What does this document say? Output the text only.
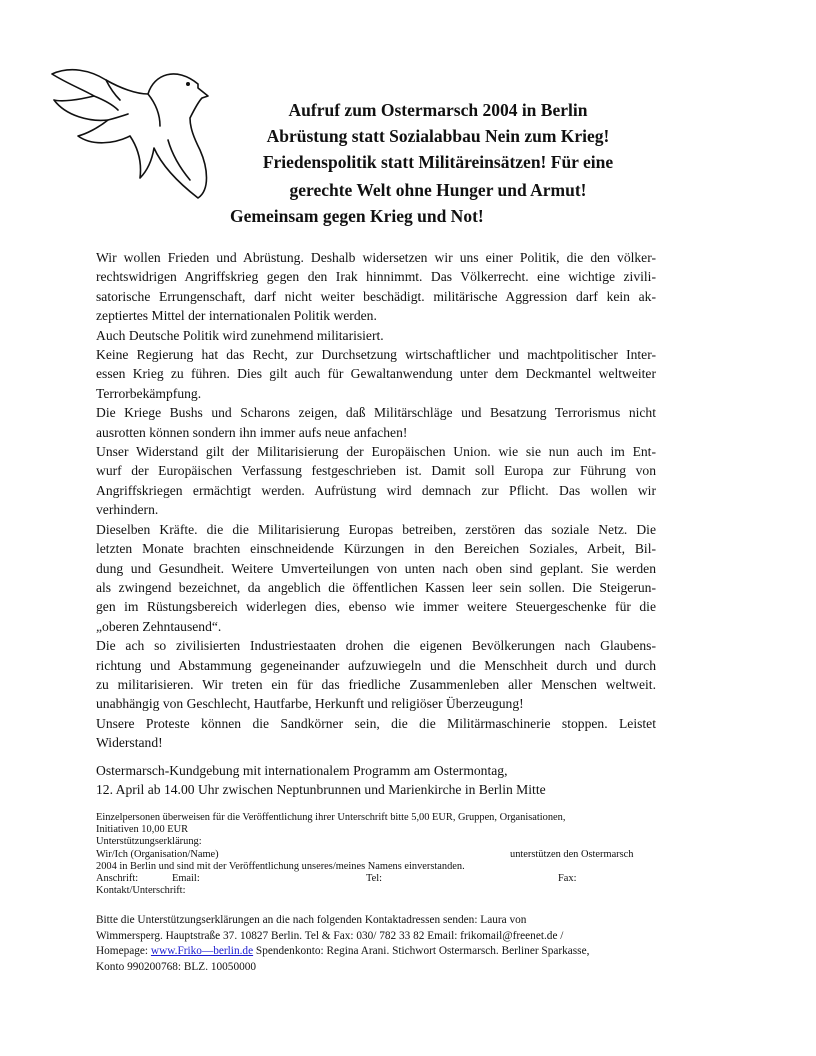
Aufruf zum Ostermarsch 2004 in Berlin
Abrüstung statt Sozialabbau Nein zum Krieg!
Friedenspolitik statt Militäreinsätzen! Für eine
gerechte Welt ohne Hunger und Armut!
Gemeinsam gegen Krieg und Not!

Wir wollen Frieden und Abrüstung. Deshalb widersetzen wir uns einer Politik, die den völker-

rechtswidrigen Angriffskrieg gegen den Irak hinnimmt. Das Völkerrecht. eine wichtige zivili-

satorische Errungenschaft, darf nicht weiter beschädigt. militärische Aggression darf kein ak-

zeptiertes Mittel der internationalen Politik werden.

Auch Deutsche Politik wird zunehmend militarisiert.

Keine Regierung hat das Recht, zur Durchsetzung wirtschaftlicher und machtpolitischer Inter-

essen Krieg zu führen. Dies gilt auch für Gewaltanwendung unter dem Deckmantel weltweiter

Terrorbekämpfung.

Die Kriege Bushs und Scharons zeigen, daß Militärschläge und Besatzung Terrorismus nicht

ausrotten können sondern ihn immer aufs neue anfachen!

Unser Widerstand gilt der Militarisierung der Europäischen Union. wie sie nun auch im Ent-

wurf der Europäischen Verfassung festgeschrieben ist. Damit soll Europa zur Führung von

Angriffskriegen ermächtigt werden. Aufrüstung wird demnach zur Pflicht. Das wollen wir

verhindern.

Dieselben Kräfte. die die Militarisierung Europas betreiben, zerstören das soziale Netz. Die

letzten Monate brachten einschneidende Kürzungen in den Bereichen Soziales, Arbeit, Bil-

dung und Gesundheit. Weitere Umverteilungen von unten nach oben sind geplant. Sie werden

als zwingend bezeichnet, da angeblich die öffentlichen Kassen leer sein sollen. Die Steigerun-

gen im Rüstungsbereich widerlegen dies, ebenso wie immer weitere Steuergeschenke für die

„oberen Zehntausend“.

Die ach so zivilisierten Industriestaaten drohen die eigenen Bevölkerungen nach Glaubens-

richtung und Abstammung gegeneinander aufzuwiegeln und die Menschheit durch und durch

zu militarisieren. Wir treten ein für das friedliche Zusammenleben aller Menschen weltweit.

unabhängig von Geschlecht, Hautfarbe, Herkunft und religiöser Überzeugung!

Unsere Proteste können die Sandkörner sein, die die Militärmaschinerie stoppen. Leistet

Widerstand!

Ostermarsch-Kundgebung mit internationalem Programm am Ostermontag,

12. April ab 14.00 Uhr zwischen Neptunbrunnen und Marienkirche in Berlin Mitte

Einzelpersonen überweisen für die Veröffentlichung ihrer Unterschrift bitte 5,00 EUR, Gruppen, Organisationen,

Initiativen 10,00 EUR

Unterstützungserklärung:

Wir/Ich (Organisation/Name)	unterstützen den Ostermarsch

2004 in Berlin und sind mit der Veröffentlichung unseres/meines Namens einverstanden.

Anschrift:	Email:	Tel:	Fax:

Kontakt/Unterschrift:

Bitte die Unterstützungserklärungen an die nach folgenden Kontaktadressen senden: Laura von

Wimmersperg. Hauptstraße 37. 10827 Berlin. Tel & Fax: 030/ 782 33 82 Email: frikomail@freenet.de /

Homepage: www.Friko—berlin.de Spendenkonto: Regina Arani. Stichwort Ostermarsch. Berliner Sparkasse,

Konto 990200768: BLZ. 10050000
